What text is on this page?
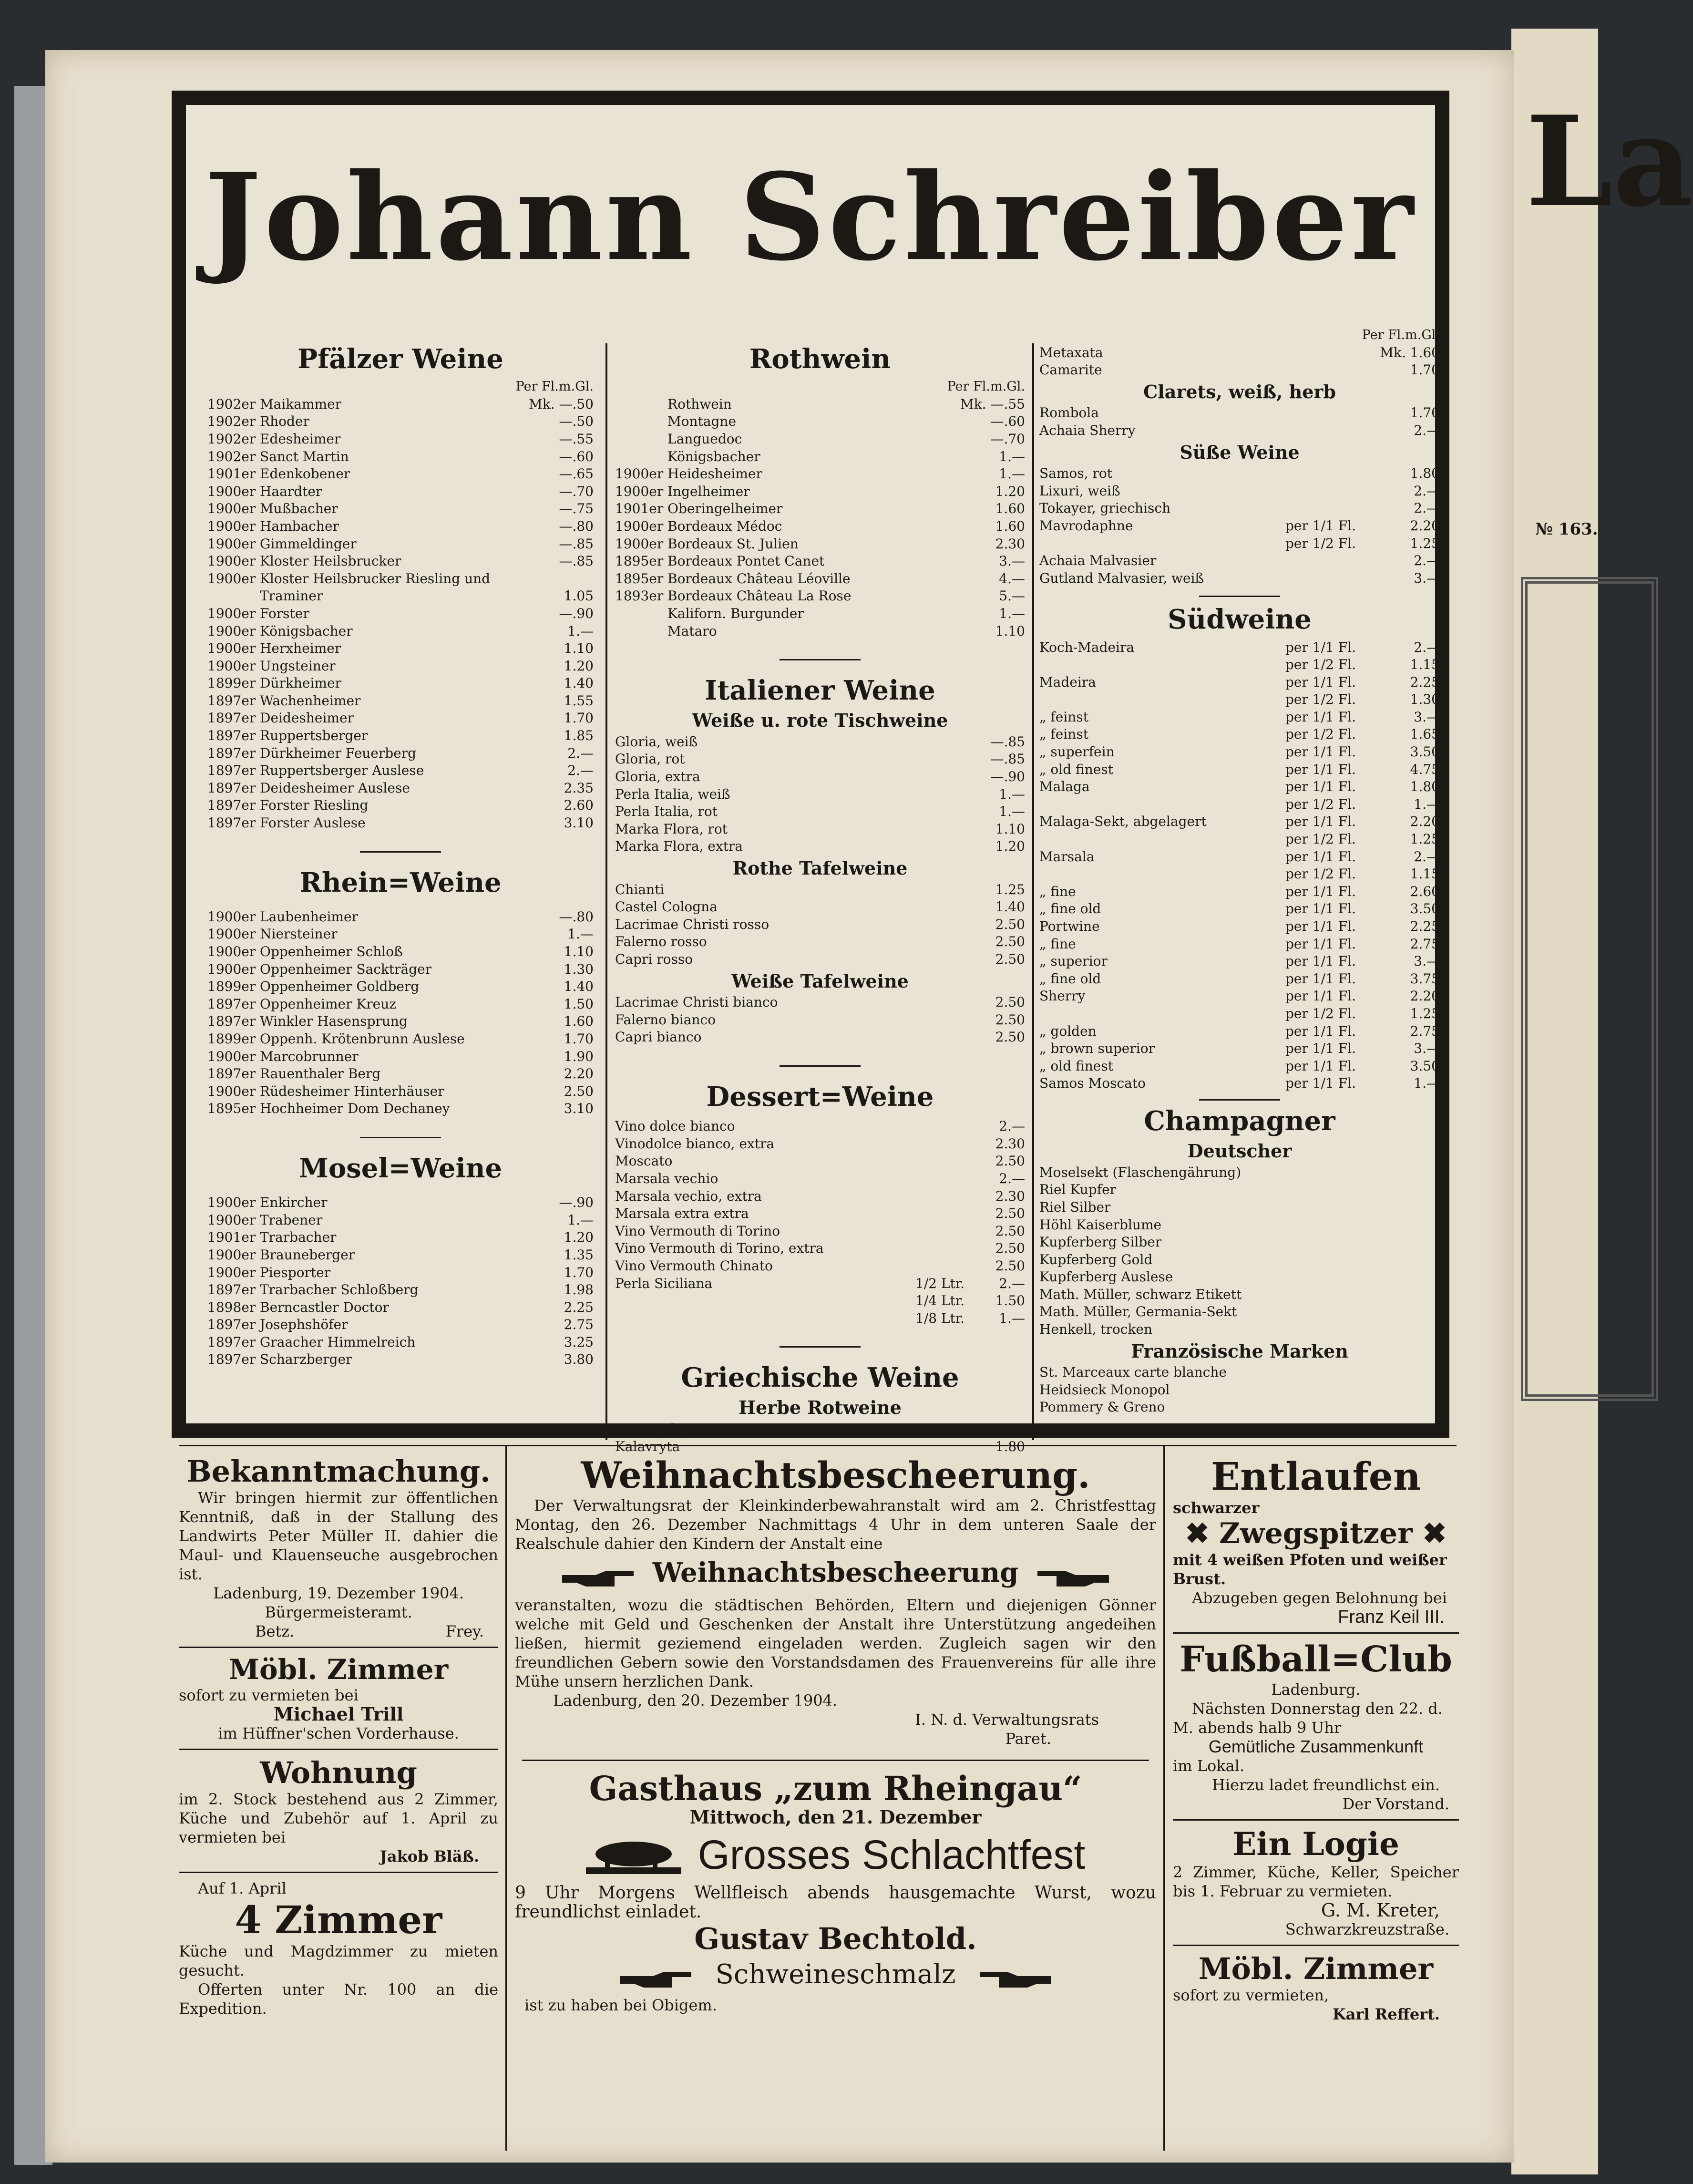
La
№ 163.
Johann Schreiber
Pfälzer Weine
Per Fl.m.Gl.
1902er Maikammer	Mk. —.50
1902er Rhoder	—.50
1902er Edesheimer	—.55
1902er Sanct Martin	—.60
1901er Edenkobener	—.65
1900er Haardter	—.70
1900er Mußbacher	—.75
1900er Hambacher	—.80
1900er Gimmeldinger	—.85
1900er Kloster Heilsbrucker	—.85
1900er Kloster Heilsbrucker Riesling und
Traminer	1.05
1900er Forster	—.90
1900er Königsbacher	1.—
1900er Herxheimer	1.10
1900er Ungsteiner	1.20
1899er Dürkheimer	1.40
1897er Wachenheimer	1.55
1897er Deidesheimer	1.70
1897er Ruppertsberger	1.85
1897er Dürkheimer Feuerberg	2.—
1897er Ruppertsberger Auslese	2.—
1897er Deidesheimer Auslese	2.35
1897er Forster Riesling	2.60
1897er Forster Auslese	3.10
Rhein=Weine
1900er Laubenheimer	—.80
1900er Niersteiner	1.—
1900er Oppenheimer Schloß	1.10
1900er Oppenheimer Sackträger	1.30
1899er Oppenheimer Goldberg	1.40
1897er Oppenheimer Kreuz	1.50
1897er Winkler Hasensprung	1.60
1899er Oppenh. Krötenbrunn Auslese	1.70
1900er Marcobrunner	1.90
1897er Rauenthaler Berg	2.20
1900er Rüdesheimer Hinterhäuser	2.50
1895er Hochheimer Dom Dechaney	3.10
Mosel=Weine
1900er Enkircher	—.90
1900er Trabener	1.—
1901er Trarbacher	1.20
1900er Brauneberger	1.35
1900er Piesporter	1.70
1897er Trarbacher Schloßberg	1.98
1898er Berncastler Doctor	2.25
1897er Josephshöfer	2.75
1897er Graacher Himmelreich	3.25
1897er Scharzberger	3.80
Rothwein
Per Fl.m.Gl.
Rothwein	Mk. —.55
Montagne	—.60
Languedoc	—.70
Königsbacher	1.—
1900er Heidesheimer	1.—
1900er Ingelheimer	1.20
1901er Oberingelheimer	1.60
1900er Bordeaux Médoc	1.60
1900er Bordeaux St. Julien	2.30
1895er Bordeaux Pontet Canet	3.—
1895er Bordeaux Château Léoville	4.—
1893er Bordeaux Château La Rose	5.—
Kaliforn. Burgunder	1.—
Mataro	1.10
Italiener Weine
Weiße u. rote Tischweine
Gloria, weiß	—.85
Gloria, rot	—.85
Gloria, extra	—.90
Perla Italia, weiß	1.—
Perla Italia, rot	1.—
Marka Flora, rot	1.10
Marka Flora, extra	1.20
Rothe Tafelweine
Chianti	1.25
Castel Cologna	1.40
Lacrimae Christi rosso	2.50
Falerno rosso	2.50
Capri rosso	2.50
Weiße Tafelweine
Lacrimae Christi bianco	2.50
Falerno bianco	2.50
Capri bianco	2.50
Dessert=Weine
Vino dolce bianco	2.—
Vinodolce bianco, extra	2.30
Moscato	2.50
Marsala vechio	2.—
Marsala vechio, extra	2.30
Marsala extra extra	2.50
Vino Vermouth di Torino	2.50
Vino Vermouth di Torino, extra	2.50
Vino Vermouth Chinato	2.50
Perla Siciliana	1/2 Ltr.	2.—
1/4 Ltr.	1.50
1/8 Ltr.	1.—
Griechische Weine
Herbe Rotweine
Demestika	1.50
Kalavryta	1.80
Per Fl.m.Gl.
Metaxata	Mk. 1.60
Camarite	1.70
Clarets, weiß, herb
Rombola	1.70
Achaia Sherry	2.—
Süße Weine
Samos, rot	1.80
Lixuri, weiß	2.—
Tokayer, griechisch	2.—
Mavrodaphne	per 1/1 Fl.	2.20
per 1/2 Fl.	1.25
Achaia Malvasier	2.—
Gutland Malvasier, weiß	3.—
Südweine
Koch-Madeira	per 1/1 Fl.	2.—
per 1/2 Fl.	1.15
Madeira	per 1/1 Fl.	2.25
per 1/2 Fl.	1.30
„ feinst	per 1/1 Fl.	3.—
„ feinst	per 1/2 Fl.	1.65
„ superfein	per 1/1 Fl.	3.50
„ old finest	per 1/1 Fl.	4.75
Malaga	per 1/1 Fl.	1.80
per 1/2 Fl.	1.—
Malaga-Sekt, abgelagert	per 1/1 Fl.	2.20
per 1/2 Fl.	1.25
Marsala	per 1/1 Fl.	2.—
per 1/2 Fl.	1.15
„ fine	per 1/1 Fl.	2.60
„ fine old	per 1/1 Fl.	3.50
Portwine	per 1/1 Fl.	2.25
„ fine	per 1/1 Fl.	2.75
„ superior	per 1/1 Fl.	3.—
„ fine old	per 1/1 Fl.	3.75
Sherry	per 1/1 Fl.	2.20
per 1/2 Fl.	1.25
„ golden	per 1/1 Fl.	2.75
„ brown superior	per 1/1 Fl.	3.—
„ old finest	per 1/1 Fl.	3.50
Samos Moscato	per 1/1 Fl.	1.—
Champagner
Deutscher
Moselsekt (Flaschengährung)
Riel Kupfer
Riel Silber
Höhl Kaiserblume
Kupferberg Silber
Kupferberg Gold
Kupferberg Auslese
Math. Müller, schwarz Etikett
Math. Müller, Germania-Sekt
Henkell, trocken
Französische Marken
St. Marceaux carte blanche
Heidsieck Monopol
Pommery & Greno
Bekanntmachung.
Wir bringen hiermit zur öffentlichen Kenntniß, daß in der Stallung des Landwirts Peter Müller II. dahier die Maul- und Klauenseuche ausgebrochen ist.
Ladenburg, 19. Dezember 1904.
Bürgermeisteramt.
Betz.	Frey.
Möbl. Zimmer
sofort zu vermieten bei
Michael Trill
im Hüffner'schen Vorderhause.
Wohnung
im 2. Stock bestehend aus 2 Zimmer, Küche und Zubehör auf 1. April zu vermieten bei
Jakob Bläß.
Auf 1. April
4 Zimmer
Küche und Magdzimmer zu mieten gesucht.
Offerten unter Nr. 100 an die Expedition.
Weihnachtsbescheerung.
Der Verwaltungsrat der Kleinkinderbewahranstalt wird am 2. Christfesttag Montag, den 26. Dezember Nachmittags 4 Uhr in dem unteren Saale der Realschule dahier den Kindern der Anstalt eine
Weihnachtsbescheerung
veranstalten, wozu die städtischen Behörden, Eltern und diejenigen Gönner welche mit Geld und Geschenken der Anstalt ihre Unterstützung angedeihen ließen, hiermit geziemend eingeladen werden. Zugleich sagen wir den freundlichen Gebern sowie den Vorstandsdamen des Frauenvereins für alle ihre Mühe unsern herzlichen Dank.
Ladenburg, den 20. Dezember 1904.
I. N. d. Verwaltungsrats
Paret.
Gasthaus „zum Rheingau“
Mittwoch, den 21. Dezember
Grosses Schlachtfest
9 Uhr Morgens Wellfleisch abends hausgemachte Wurst, wozu freundlichst einladet.
Gustav Bechtold.
Schweineschmalz
ist zu haben bei Obigem.
Entlaufen
schwarzer
✖ Zwegspitzer ✖
mit 4 weißen Pfoten und weißer Brust.
Abzugeben gegen Belohnung bei
Franz Keil III.
Fußball=Club
Ladenburg.
Nächsten Donnerstag den 22. d. M. abends halb 9 Uhr
Gemütliche Zusammenkunft
im Lokal.
Hierzu ladet freundlichst ein.
Der Vorstand.
Ein Logie
2 Zimmer, Küche, Keller, Speicher bis 1. Februar zu vermieten.
G. M. Kreter,
Schwarzkreuzstraße.
Möbl. Zimmer
sofort zu vermieten,
Karl Reffert.
